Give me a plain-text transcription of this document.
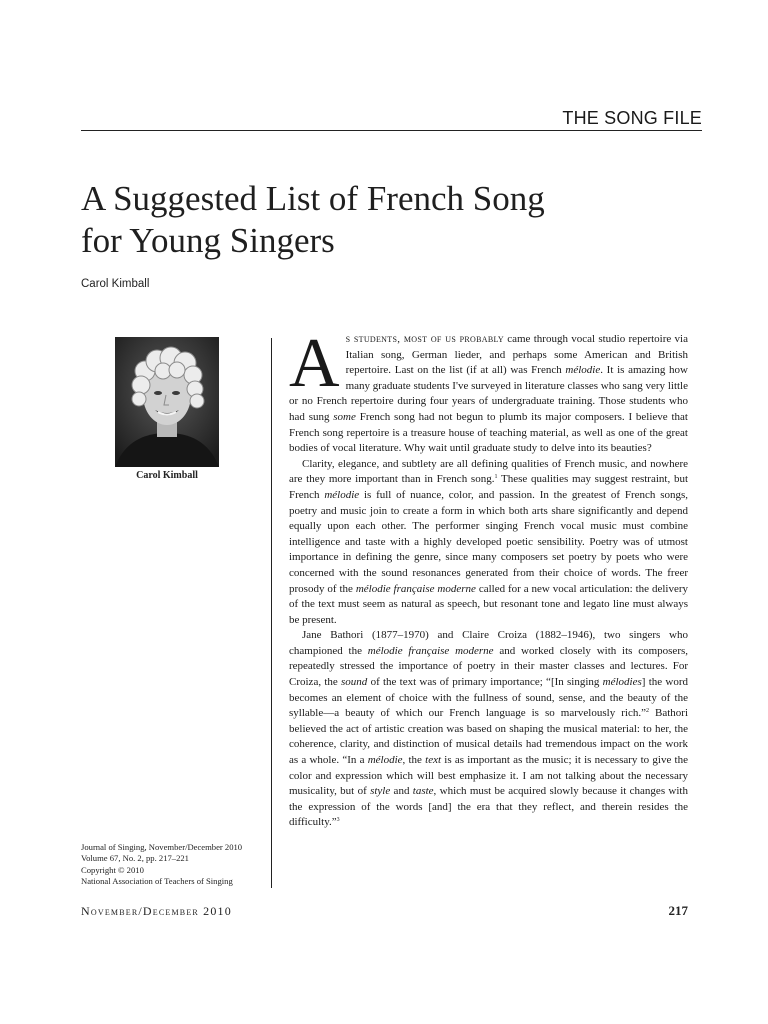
THE SONG FILE
A Suggested List of French Song
for Young Singers
Carol Kimball
Carol Kimball
Journal of Singing, November/December 2010
Volume 67, No. 2, pp. 217–221
Copyright © 2010
National Association of Teachers of Singing

As students, most of us probably came through vocal studio repertoire via Italian song, German lieder, and perhaps some American and British repertoire. Last on the list (if at all) was French mélodie. It is amazing how many graduate students I've surveyed in literature classes who sang very little or no French repertoire during four years of undergraduate training. Those students who had sung some French song had not begun to plumb its major composers. I believe that French song repertoire is a treasure house of teaching material, as well as one of the great bodies of vocal literature. Why wait until graduate study to delve into its beauties?

Clarity, elegance, and subtlety are all defining qualities of French music, and nowhere are they more important than in French song.$^1$ These qualities may suggest restraint, but French mélodie is full of nuance, color, and passion. In the greatest of French songs, poetry and music join to create a form in which both arts share significantly and depend equally upon each other. The performer singing French vocal music must combine intelligence and taste with a highly developed poetic sensibility. Poetry was of utmost importance in defining the genre, since many composers set poetry by poets who were concerned with the sound resonances generated from their choice of words. The freer prosody of the mélodie française moderne called for a new vocal articulation: the delivery of the text must seem as natural as speech, but resonant tone and legato line must always be present.

Jane Bathori (1877–1970) and Claire Croiza (1882–1946), two singers who championed the mélodie française moderne and worked closely with its composers, repeatedly stressed the importance of poetry in their master classes and lectures. For Croiza, the sound of the text was of primary importance; “[In singing mélodies] the word becomes an element of choice with the fullness of sound, sense, and the beauty of the syllable—a beauty of which our French language is so marvelously rich.”$^2$ Bathori believed the act of artistic creation was based on shaping the musical material: to her, the coherence, clarity, and distinction of musical details had tremendous impact on the work as a whole. “In a mélodie, the text is as important as the music; it is necessary to give the color and expression which will best emphasize it. I am not talking about the necessary musicality, but of style and taste, which must be acquired slowly because it changes with the expression of the words [and] the era that they reflect, and therein resides the difficulty.”$^3$

November/December 2010	217
